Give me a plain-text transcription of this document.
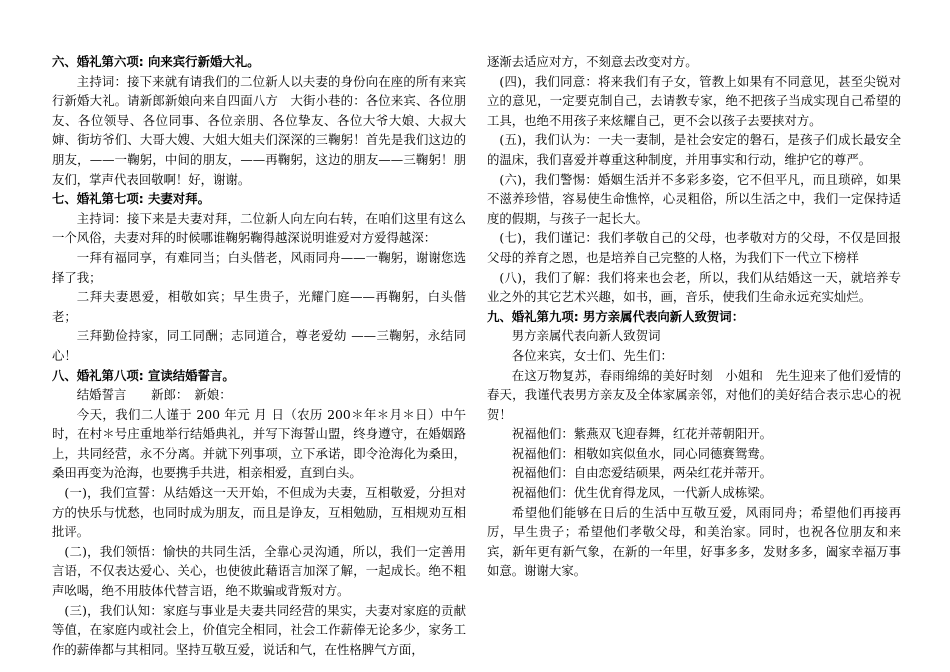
六、婚礼第六项: 向来宾行新婚大礼。

主持词：接下来就有请我们的二位新人以夫妻的身份向在座的所有来宾行新婚大礼。请新郎新娘向来自四面八方　大街小巷的：各位来宾、各位朋友、各位领导、各位同事、各位亲朋、各位挚友、各位大爷大娘、大叔大婶、街坊爷们、大哥大嫂、大姐大姐夫们深深的三鞠躬！首先是我们这边的朋友，——一鞠躬，中间的朋友，——再鞠躬，这边的朋友——三鞠躬！朋友们，掌声代表回敬啊！好，谢谢。

七、婚礼第七项: 夫妻对拜。

主持词：接下来是夫妻对拜，二位新人向左向右转，在咱们这里有这么一个风俗，夫妻对拜的时候哪谁鞠躬鞠得越深说明谁爱对方爱得越深：

一拜有福同享，有难同当；白头偕老，风雨同舟——一鞠躬，谢谢您选择了我；

二拜夫妻恩爱，相敬如宾；早生贵子，光耀门庭——再鞠躬，白头偕老；

三拜勤俭持家，同工同酬；志同道合，尊老爱幼 ——三鞠躬，永结同心！

八、婚礼第八项: 宣读结婚誓言。

结婚誓言　　新郎：　新娘：

今天，我们二人谨于 200 年元 月 日（农历 200＊年＊月＊日）中午时，在村＊号庄重地举行结婚典礼，并写下海誓山盟，终身遵守，在婚姻路上，共同经营，永不分离。并就下列事项，立下承诺，即令沧海化为桑田，桑田再变为沧海，也要携手共进，相亲相爱，直到白头。

(一)，我们宣誓：从结婚这一天开始，不但成为夫妻，互相敬爱，分担对方的快乐与忧愁，也同时成为朋友，而且是诤友，互相勉励，互相规劝互相批评。

(二)，我们领悟：愉快的共同生活，全靠心灵沟通，所以，我们一定善用言语，不仅表达爱心、关心，也使彼此藉语言加深了解，一起成长。绝不粗声吆喝，绝不用肢体代替言语，绝不欺骗或背叛对方。

(三)，我们认知：家庭与事业是夫妻共同经营的果实，夫妻对家庭的贡献等值，在家庭内或社会上，价值完全相同，社会工作薪俸无论多少，家务工作的薪俸都与其相同。坚持互敬互爱，说话和气，在性格脾气方面，

逐渐去适应对方，不刻意去改变对方。

(四)，我们同意：将来我们有子女，管教上如果有不同意见，甚至尖锐对立的意见，一定要克制自己，去请教专家，绝不把孩子当成实现自己希望的工具，也绝不用孩子来炫耀自己，更不会以孩子去要挟对方。

(五)，我们认为：一夫一妻制，是社会安定的磐石，是孩子们成长最安全的温床，我们喜爱并尊重这种制度，并用事实和行动，维护它的尊严。

(六)，我们警惕：婚姻生活并不多彩多姿，它不但平凡，而且琐碎，如果不滋养珍惜，容易使生命憔悴，心灵粗俗，所以生活之中，我们一定保持适度的假期，与孩子一起长大。

(七)，我们谨记：我们孝敬自己的父母，也孝敬对方的父母，不仅是回报父母的养育之恩，也是培养自己完整的人格，为我们下一代立下榜样

(八)，我们了解：我们将来也会老，所以，我们从结婚这一天，就培养专业之外的其它艺术兴趣，如书，画，音乐，使我们生命永远充实灿烂。

九、婚礼第九项: 男方亲属代表向新人致贺词：

男方亲属代表向新人致贺词

各位来宾，女士们、先生们：

在这万物复苏，春雨绵绵的美好时刻　小姐和　先生迎来了他们爱情的春天，我谨代表男方亲友及全体家属亲邻，对他们的美好结合表示忠心的祝贺！

祝福他们：紫燕双飞迎春舞，红花并蒂朝阳开。

祝福他们：相敬如宾似鱼水，同心同德赛鸳鸯。

祝福他们：自由恋爱结硕果，两朵红花并蒂开。

祝福他们：优生优育得龙凤，一代新人成栋梁。

希望他们能够在日后的生活中互敬互爱，风雨同舟；希望他们再接再厉，早生贵子；希望他们孝敬父母，和美治家。同时，也祝各位朋友和来宾，新年更有新气象，在新的一年里，好事多多，发财多多，阖家幸福万事如意。谢谢大家。
